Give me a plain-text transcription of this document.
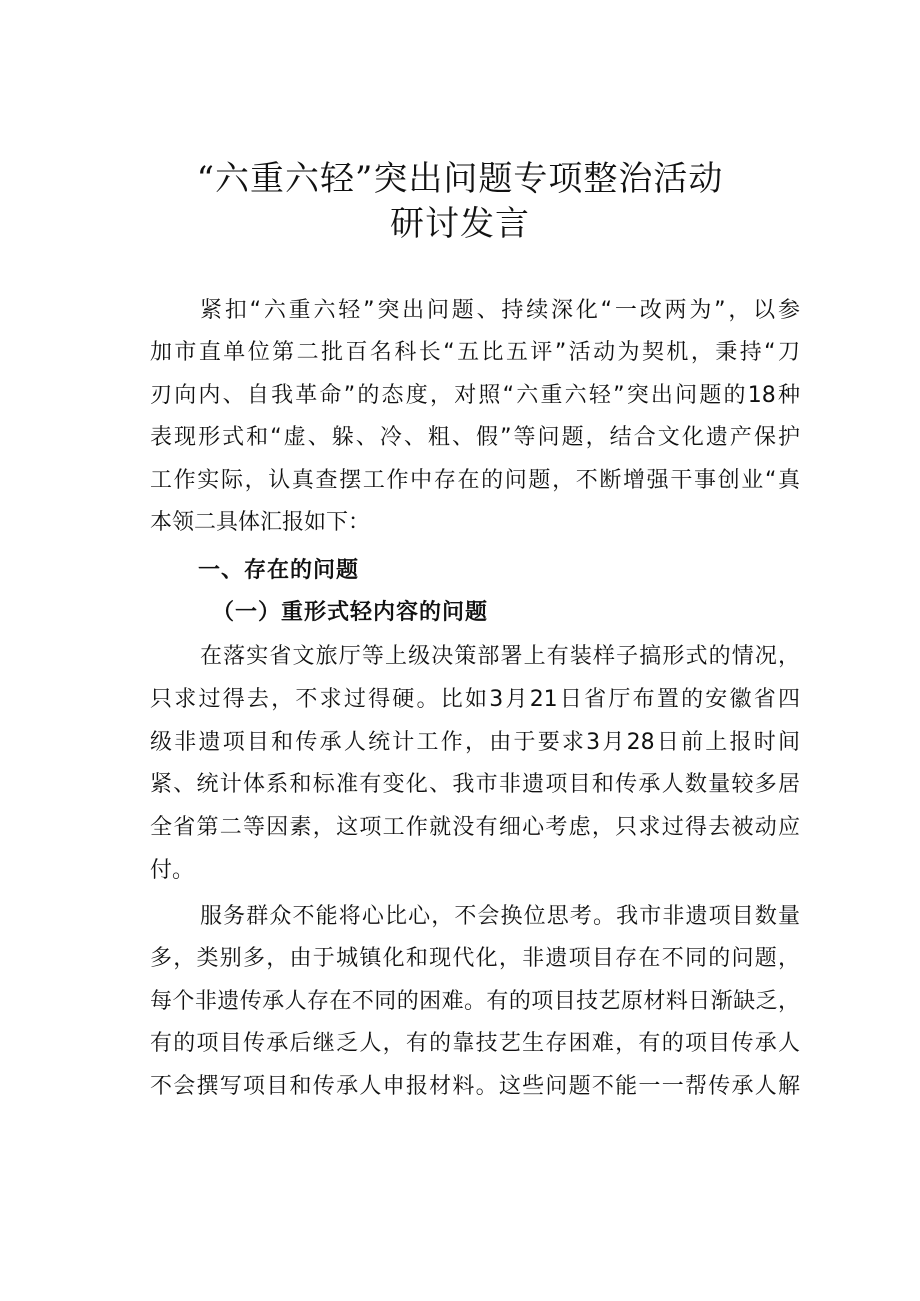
“六重六轻”突出问题专项整治活动
研讨发言
紧扣“六重六轻”突出问题、持续深化“一改两为”，以参
加市直单位第二批百名科长“五比五评”活动为契机，秉持“刀
刃向内、自我革命”的态度，对照“六重六轻”突出问题的18种
表现形式和“虚、躲、冷、粗、假”等问题，结合文化遗产保护
工作实际，认真查摆工作中存在的问题，不断增强干事创业“真
本领二具体汇报如下：
一、存在的问题
（一）重形式轻内容的问题
在落实省文旅厅等上级决策部署上有装样子搞形式的情况，
只求过得去，不求过得硬。比如3月21日省厅布置的安徽省四
级非遗项目和传承人统计工作，由于要求3月28日前上报时间
紧、统计体系和标准有变化、我市非遗项目和传承人数量较多居
全省第二等因素，这项工作就没有细心考虑，只求过得去被动应
付。
服务群众不能将心比心，不会换位思考。我市非遗项目数量
多，类别多，由于城镇化和现代化，非遗项目存在不同的问题，
每个非遗传承人存在不同的困难。有的项目技艺原材料日渐缺乏，
有的项目传承后继乏人，有的靠技艺生存困难，有的项目传承人
不会撰写项目和传承人申报材料。这些问题不能一一帮传承人解
